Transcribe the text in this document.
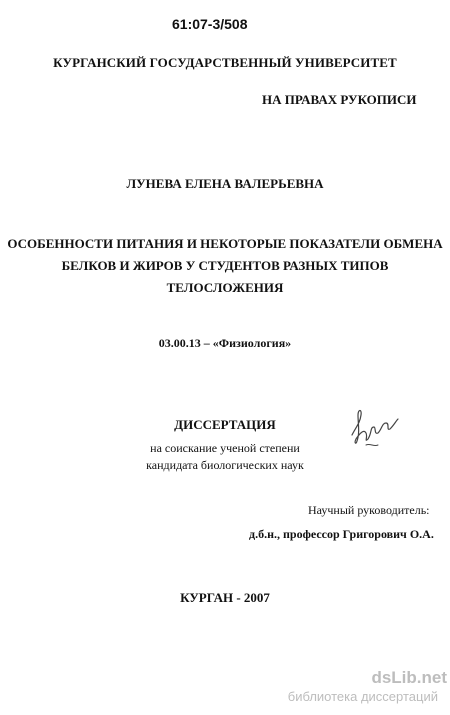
61:07-3/508
КУРГАНСКИЙ ГОСУДАРСТВЕННЫЙ УНИВЕРСИТЕТ
НА ПРАВАХ РУКОПИСИ
ЛУНЕВА ЕЛЕНА ВАЛЕРЬЕВНА
ОСОБЕННОСТИ ПИТАНИЯ И НЕКОТОРЫЕ ПОКАЗАТЕЛИ ОБМЕНА
БЕЛКОВ И ЖИРОВ У СТУДЕНТОВ РАЗНЫХ ТИПОВ
ТЕЛОСЛОЖЕНИЯ
03.00.13 – «Физиология»
ДИССЕРТАЦИЯ
на соискание ученой степени
кандидата биологических наук
Научный руководитель:
д.б.н., профессор Григорович О.А.
КУРГАН - 2007
dsLib.net
библиотека диссертаций
